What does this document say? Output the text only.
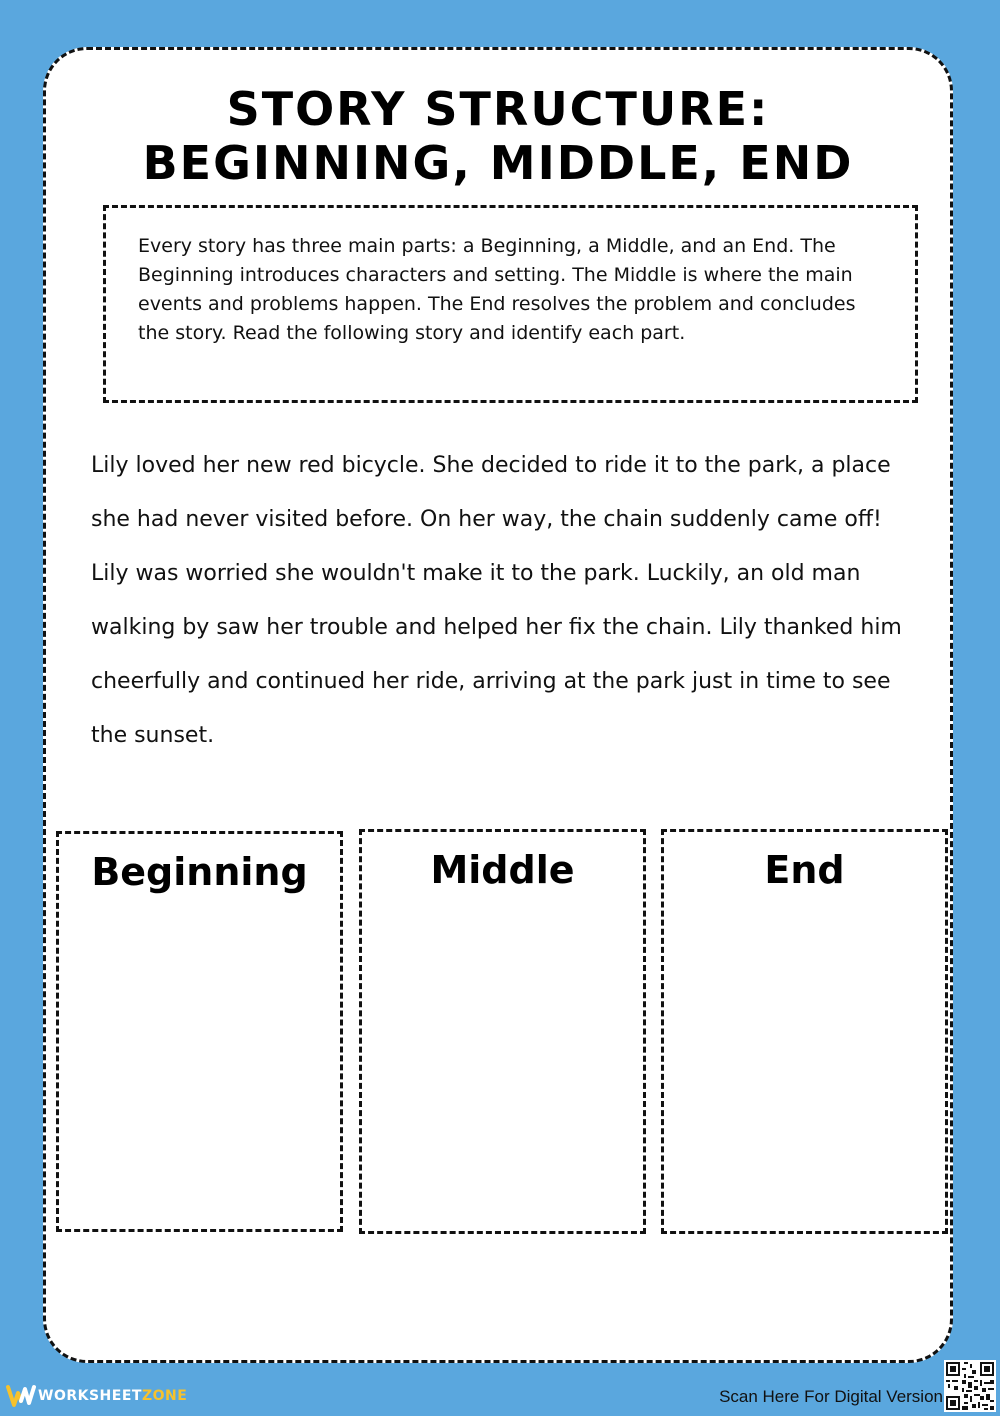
STORY STRUCTURE:
BEGINNING, MIDDLE, END

Every story has three main parts: a Beginning, a Middle, and an End. The Beginning introduces characters and setting. The Middle is where the main events and problems happen. The End resolves the problem and concludes the story. Read the following story and identify each part.

Lily loved her new red bicycle. She decided to ride it to the park, a place she had never visited before. On her way, the chain suddenly came off! Lily was worried she wouldn't make it to the park. Luckily, an old man walking by saw her trouble and helped her fix the chain. Lily thanked him cheerfully and continued her ride, arriving at the park just in time to see the sunset.

Beginning	Middle	End
WORKSHEETZONE	Scan Here For Digital Version
